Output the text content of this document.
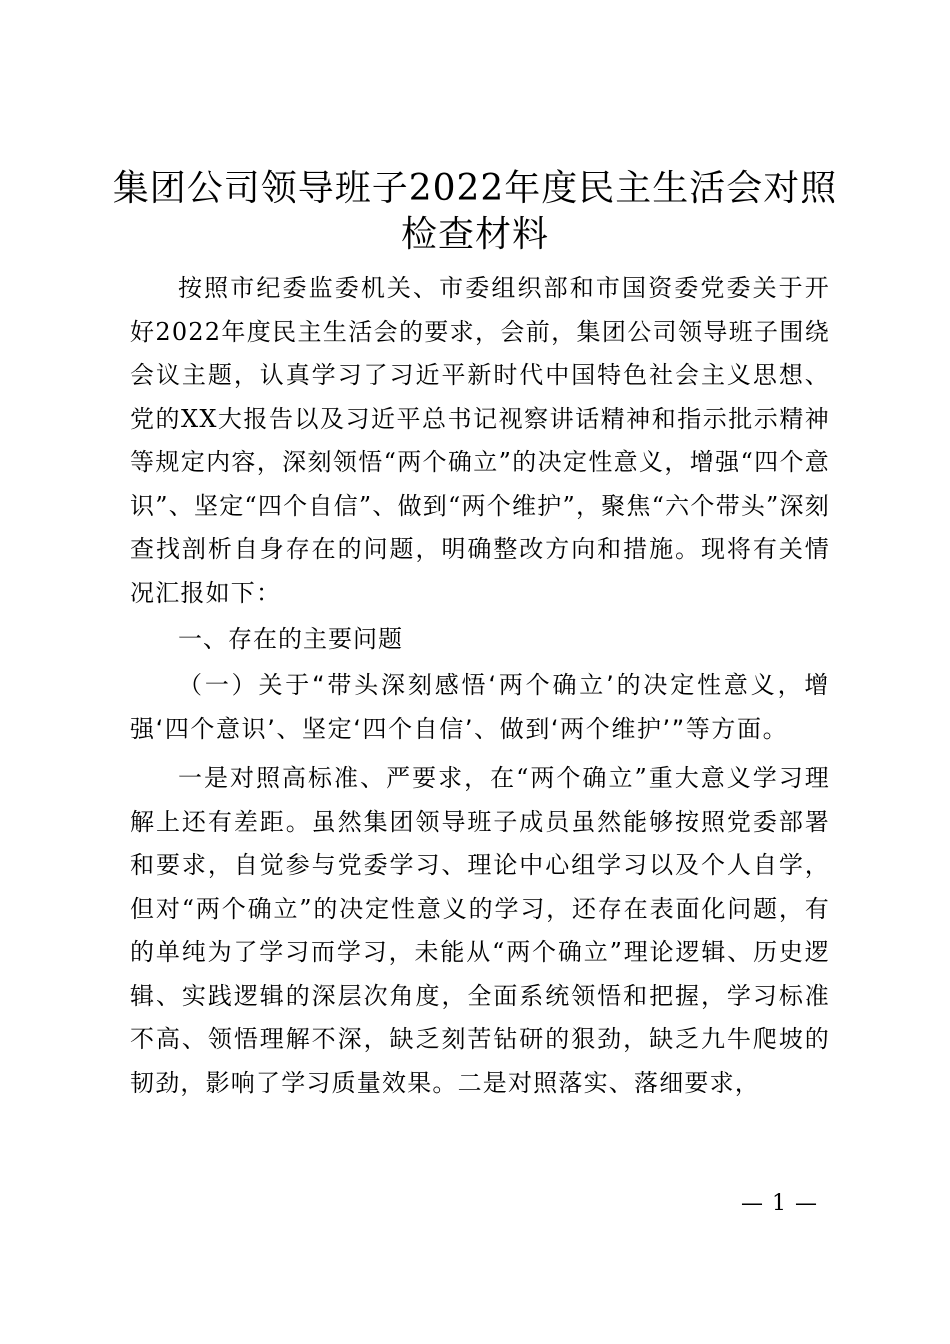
集团公司领导班子2022年度民主生活会对照
检查材料

按照市纪委监委机关、市委组织部和市国资委党委关于开好2022年度民主生活会的要求，会前，集团公司领导班子围绕会议主题，认真学习了习近平新时代中国特色社会主义思想、党的XX大报告以及习近平总书记视察讲话精神和指示批示精神等规定内容，深刻领悟“两个确立”的决定性意义，增强“四个意识”、坚定“四个自信”、做到“两个维护”，聚焦“六个带头”深刻查找剖析自身存在的问题，明确整改方向和措施。现将有关情况汇报如下：

一、存在的主要问题

（一）关于“带头深刻感悟‘两个确立’的决定性意义，增强‘四个意识’、坚定‘四个自信’、做到‘两个维护’”等方面。

一是对照高标准、严要求，在“两个确立”重大意义学习理解上还有差距。虽然集团领导班子成员虽然能够按照党委部署和要求，自觉参与党委学习、理论中心组学习以及个人自学，但对“两个确立”的决定性意义的学习，还存在表面化问题，有的单纯为了学习而学习，未能从“两个确立”理论逻辑、历史逻辑、实践逻辑的深层次角度，全面系统领悟和把握，学习标准不高、领悟理解不深，缺乏刻苦钻研的狠劲，缺乏九牛爬坡的韧劲，影响了学习质量效果。二是对照落实、落细要求，

— 1 —
